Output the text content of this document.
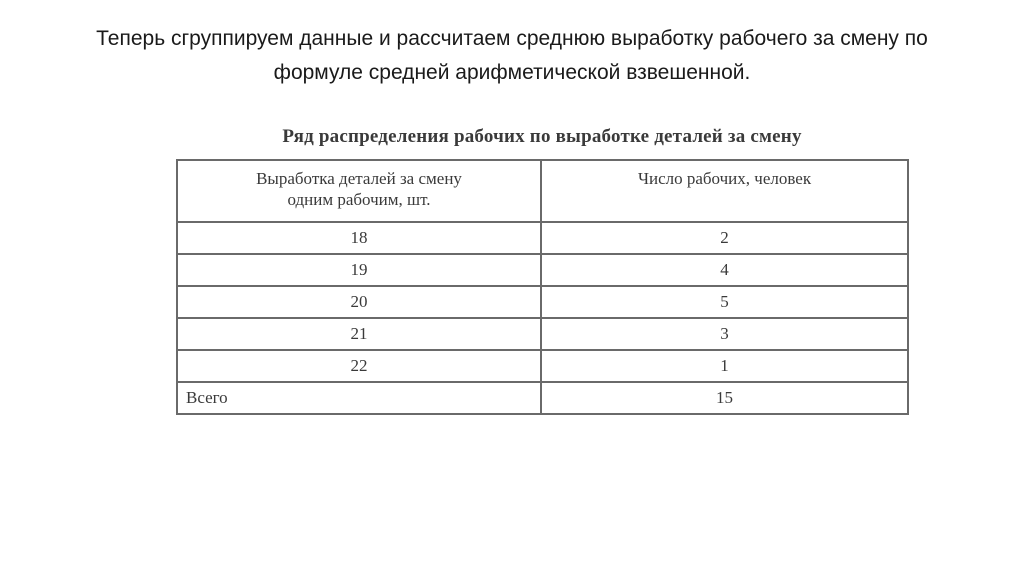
Теперь сгруппируем данные и рассчитаем среднюю выработку рабочего за смену по
формуле средней арифметической взвешенной.
Ряд распределения рабочих по выработке деталей за смену
Выработка деталей за смену
одним рабочим, шт.	Число рабочих, человек
18	2
19	4
20	5
21	3
22	1
Всего	15
